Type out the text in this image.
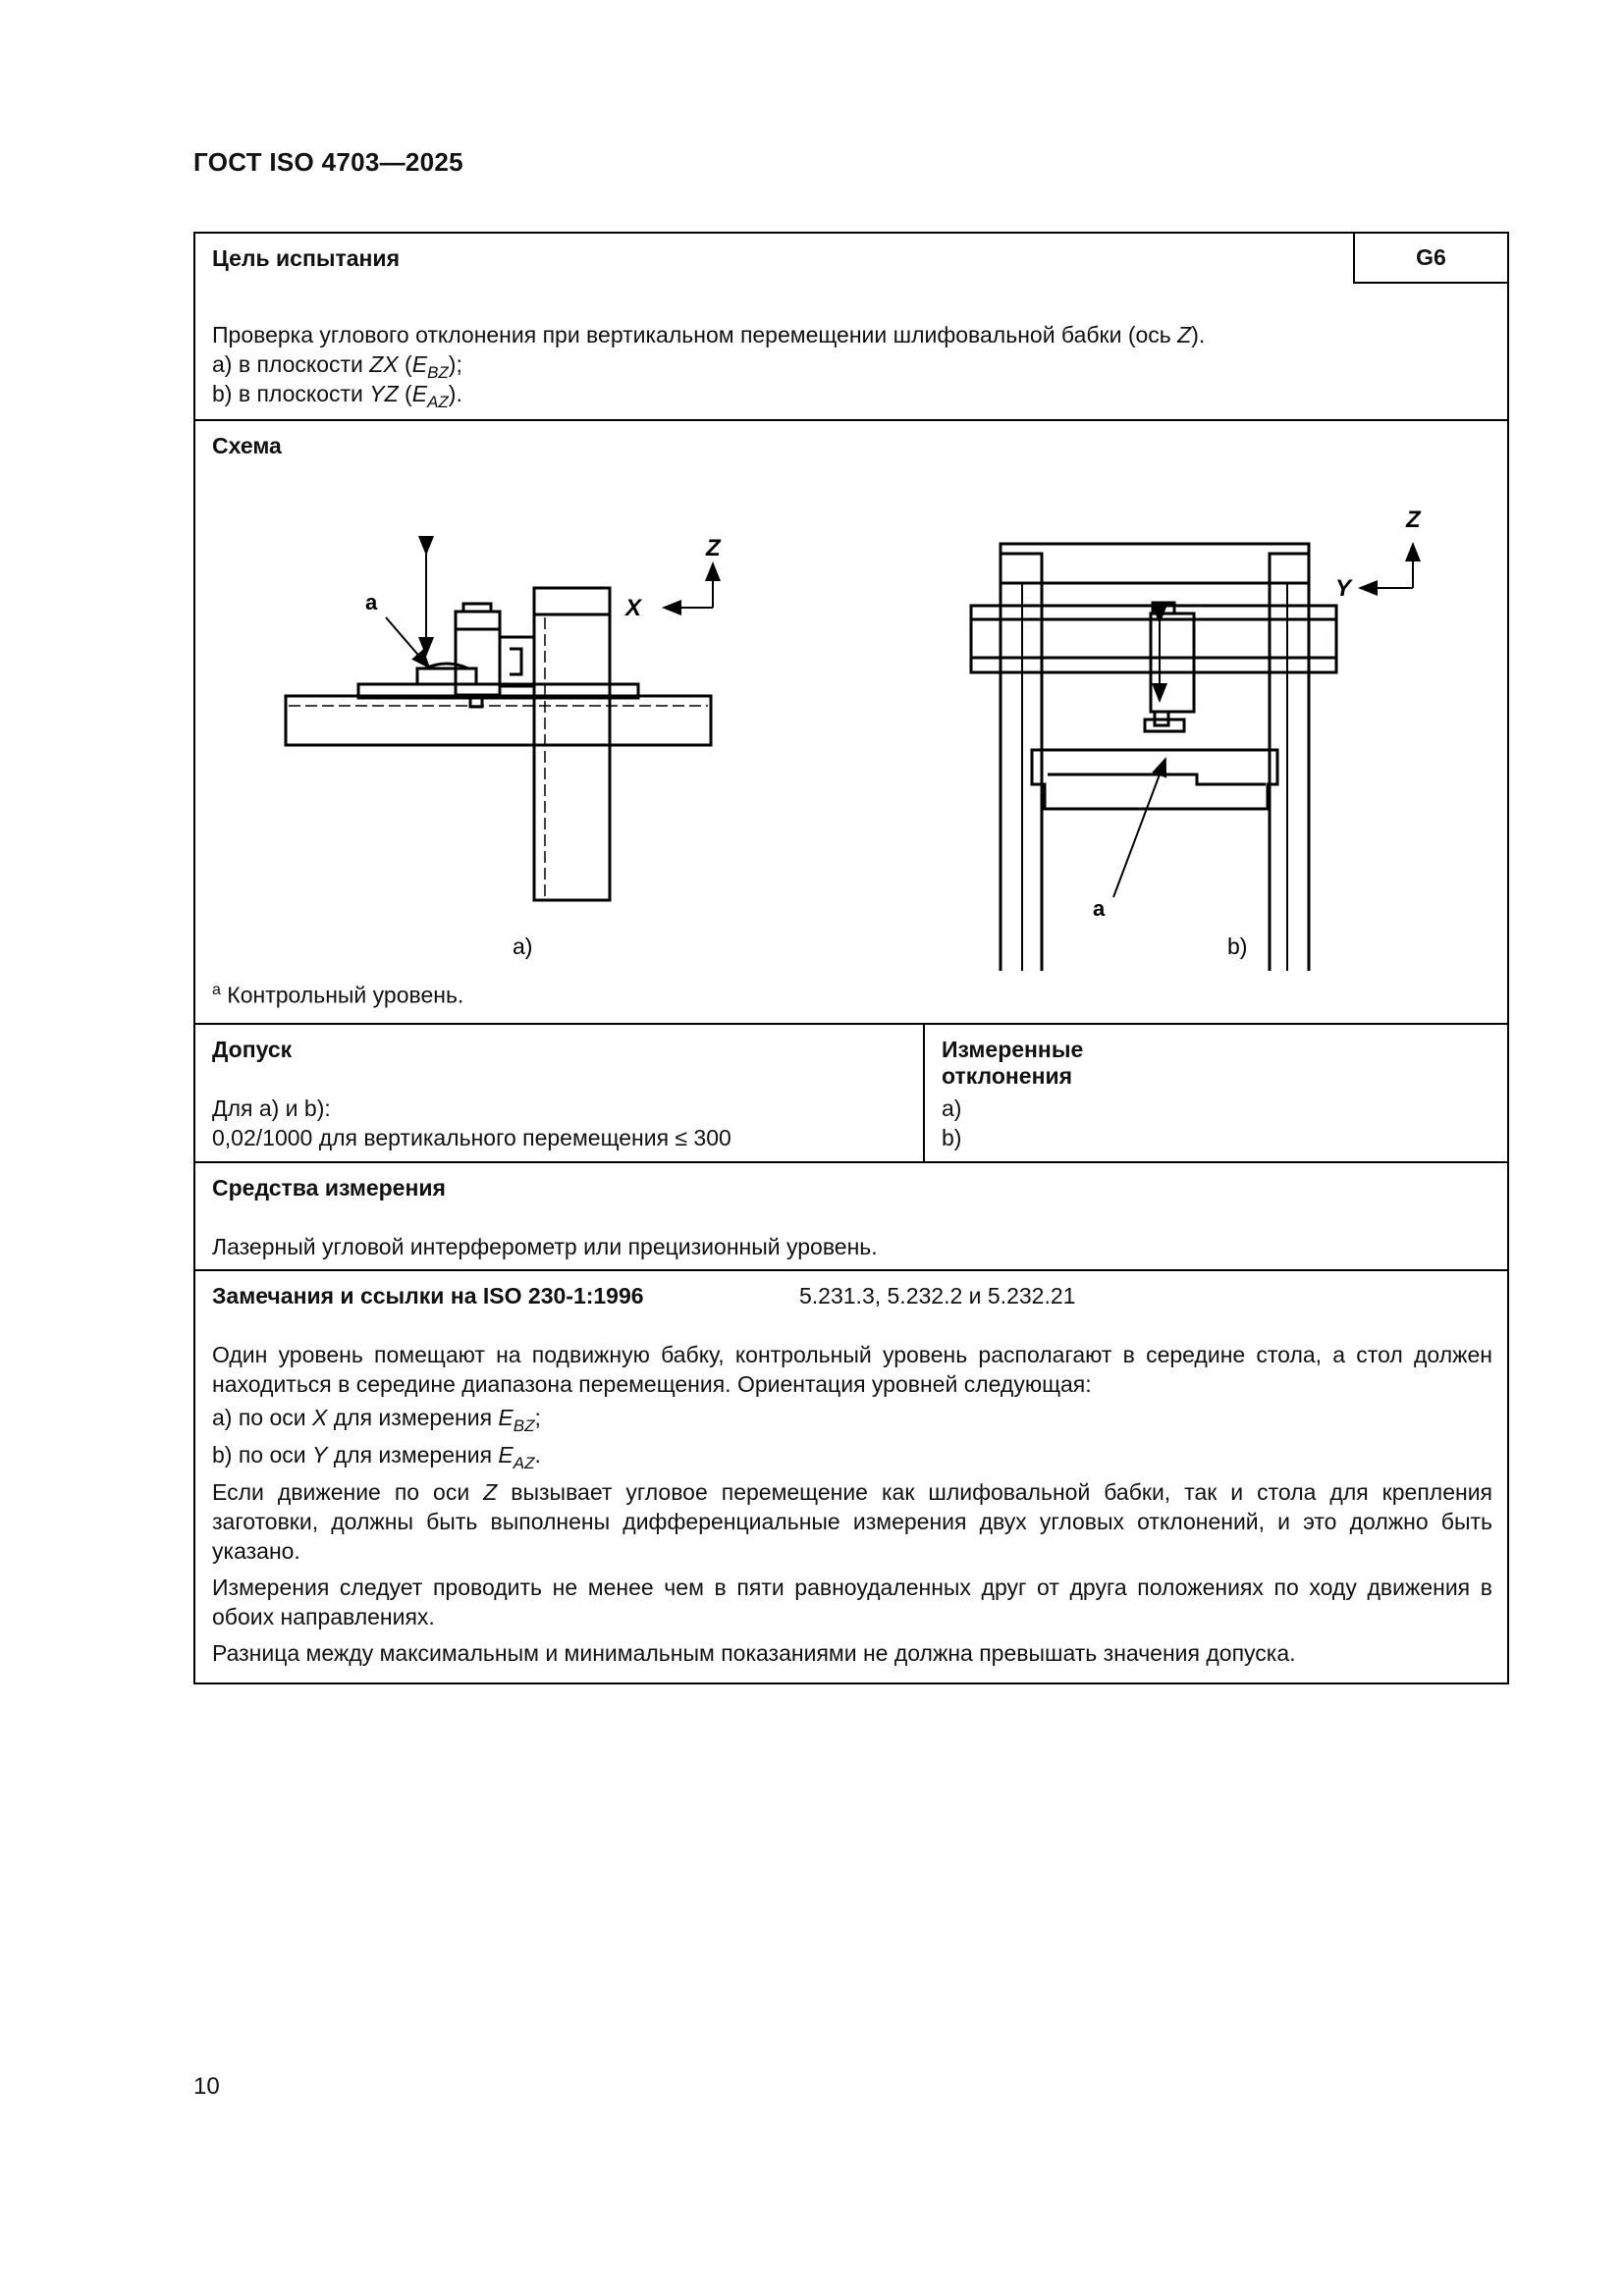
ГОСТ ISO 4703—2025
Цель испытания	G6
Проверка углового отклонения при вертикальном перемещении шлифовальной бабки (ось Z).
a) в плоскости ZX $(E_{BZ})$;
b) в плоскости YZ $(E_{AZ})$.
Схема
a
Z
X
a)
a
Z
Y
b)
$^a$ Контрольный уровень.
Допуск
Для a) и b):
0,02/1000 для вертикального перемещения ≤ 300
Измеренные отклонения
a)
b)
Средства измерения
Лазерный угловой интерферометр или прецизионный уровень.
Замечания и ссылки на ISO 230-1:1996	5.231.3, 5.232.2 и 5.232.21
Один уровень помещают на подвижную бабку, контрольный уровень располагают в середине стола, а стол должен находиться в середине диапазона перемещения. Ориентация уровней следующая:
a) по оси X для измерения $E_{BZ}$;
b) по оси Y для измерения $E_{AZ}$.
Если движение по оси Z вызывает угловое перемещение как шлифовальной бабки, так и стола для крепления заготовки, должны быть выполнены дифференциальные измерения двух угловых отклонений, и это должно быть указано.
Измерения следует проводить не менее чем в пяти равноудаленных друг от друга положениях по ходу движения в обоих направлениях.
Разница между максимальным и минимальным показаниями не должна превышать значения допуска.
10
